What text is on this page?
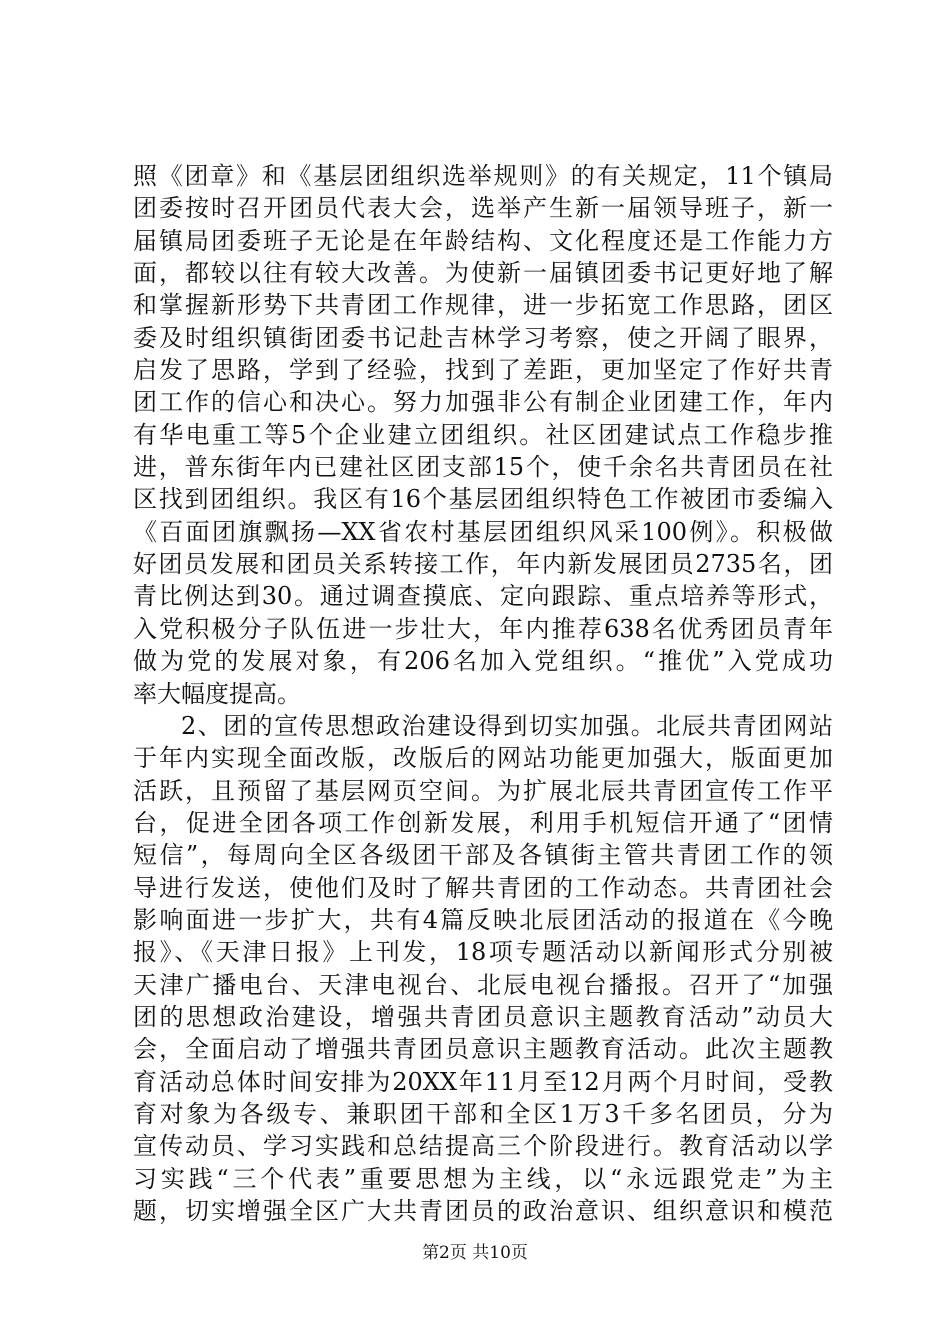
照《团章》和《基层团组织选举规则》的有关规定，11个镇局
团委按时召开团员代表大会，选举产生新一届领导班子，新一
届镇局团委班子无论是在年龄结构、文化程度还是工作能力方
面，都较以往有较大改善。为使新一届镇团委书记更好地了解
和掌握新形势下共青团工作规律，进一步拓宽工作思路，团区
委及时组织镇街团委书记赴吉林学习考察，使之开阔了眼界，
启发了思路，学到了经验，找到了差距，更加坚定了作好共青
团工作的信心和决心。努力加强非公有制企业团建工作，年内
有华电重工等5个企业建立团组织。社区团建试点工作稳步推
进，普东街年内已建社区团支部15个，使千余名共青团员在社
区找到团组织。我区有16个基层团组织特色工作被团市委编入
《百面团旗飘扬—XX省农村基层团组织风采100例》。积极做
好团员发展和团员关系转接工作，年内新发展团员2735名，团
青比例达到30。通过调查摸底、定向跟踪、重点培养等形式，
入党积极分子队伍进一步壮大，年内推荐638名优秀团员青年
做为党的发展对象，有206名加入党组织。“推优”入党成功
率大幅度提高。
2、团的宣传思想政治建设得到切实加强。北辰共青团网站
于年内实现全面改版，改版后的网站功能更加强大，版面更加
活跃，且预留了基层网页空间。为扩展北辰共青团宣传工作平
台，促进全团各项工作创新发展，利用手机短信开通了“团情
短信”，每周向全区各级团干部及各镇街主管共青团工作的领
导进行发送，使他们及时了解共青团的工作动态。共青团社会
影响面进一步扩大，共有4篇反映北辰团活动的报道在《今晚
报》、《天津日报》上刊发，18项专题活动以新闻形式分别被
天津广播电台、天津电视台、北辰电视台播报。召开了“加强
团的思想政治建设，增强共青团员意识主题教育活动”动员大
会，全面启动了增强共青团员意识主题教育活动。此次主题教
育活动总体时间安排为20XX年11月至12月两个月时间，受教
育对象为各级专、兼职团干部和全区1万3千多名团员，分为
宣传动员、学习实践和总结提高三个阶段进行。教育活动以学
习实践“三个代表”重要思想为主线，以“永远跟党走”为主
题，切实增强全区广大共青团员的政治意识、组织意识和模范
第2页 共10页
